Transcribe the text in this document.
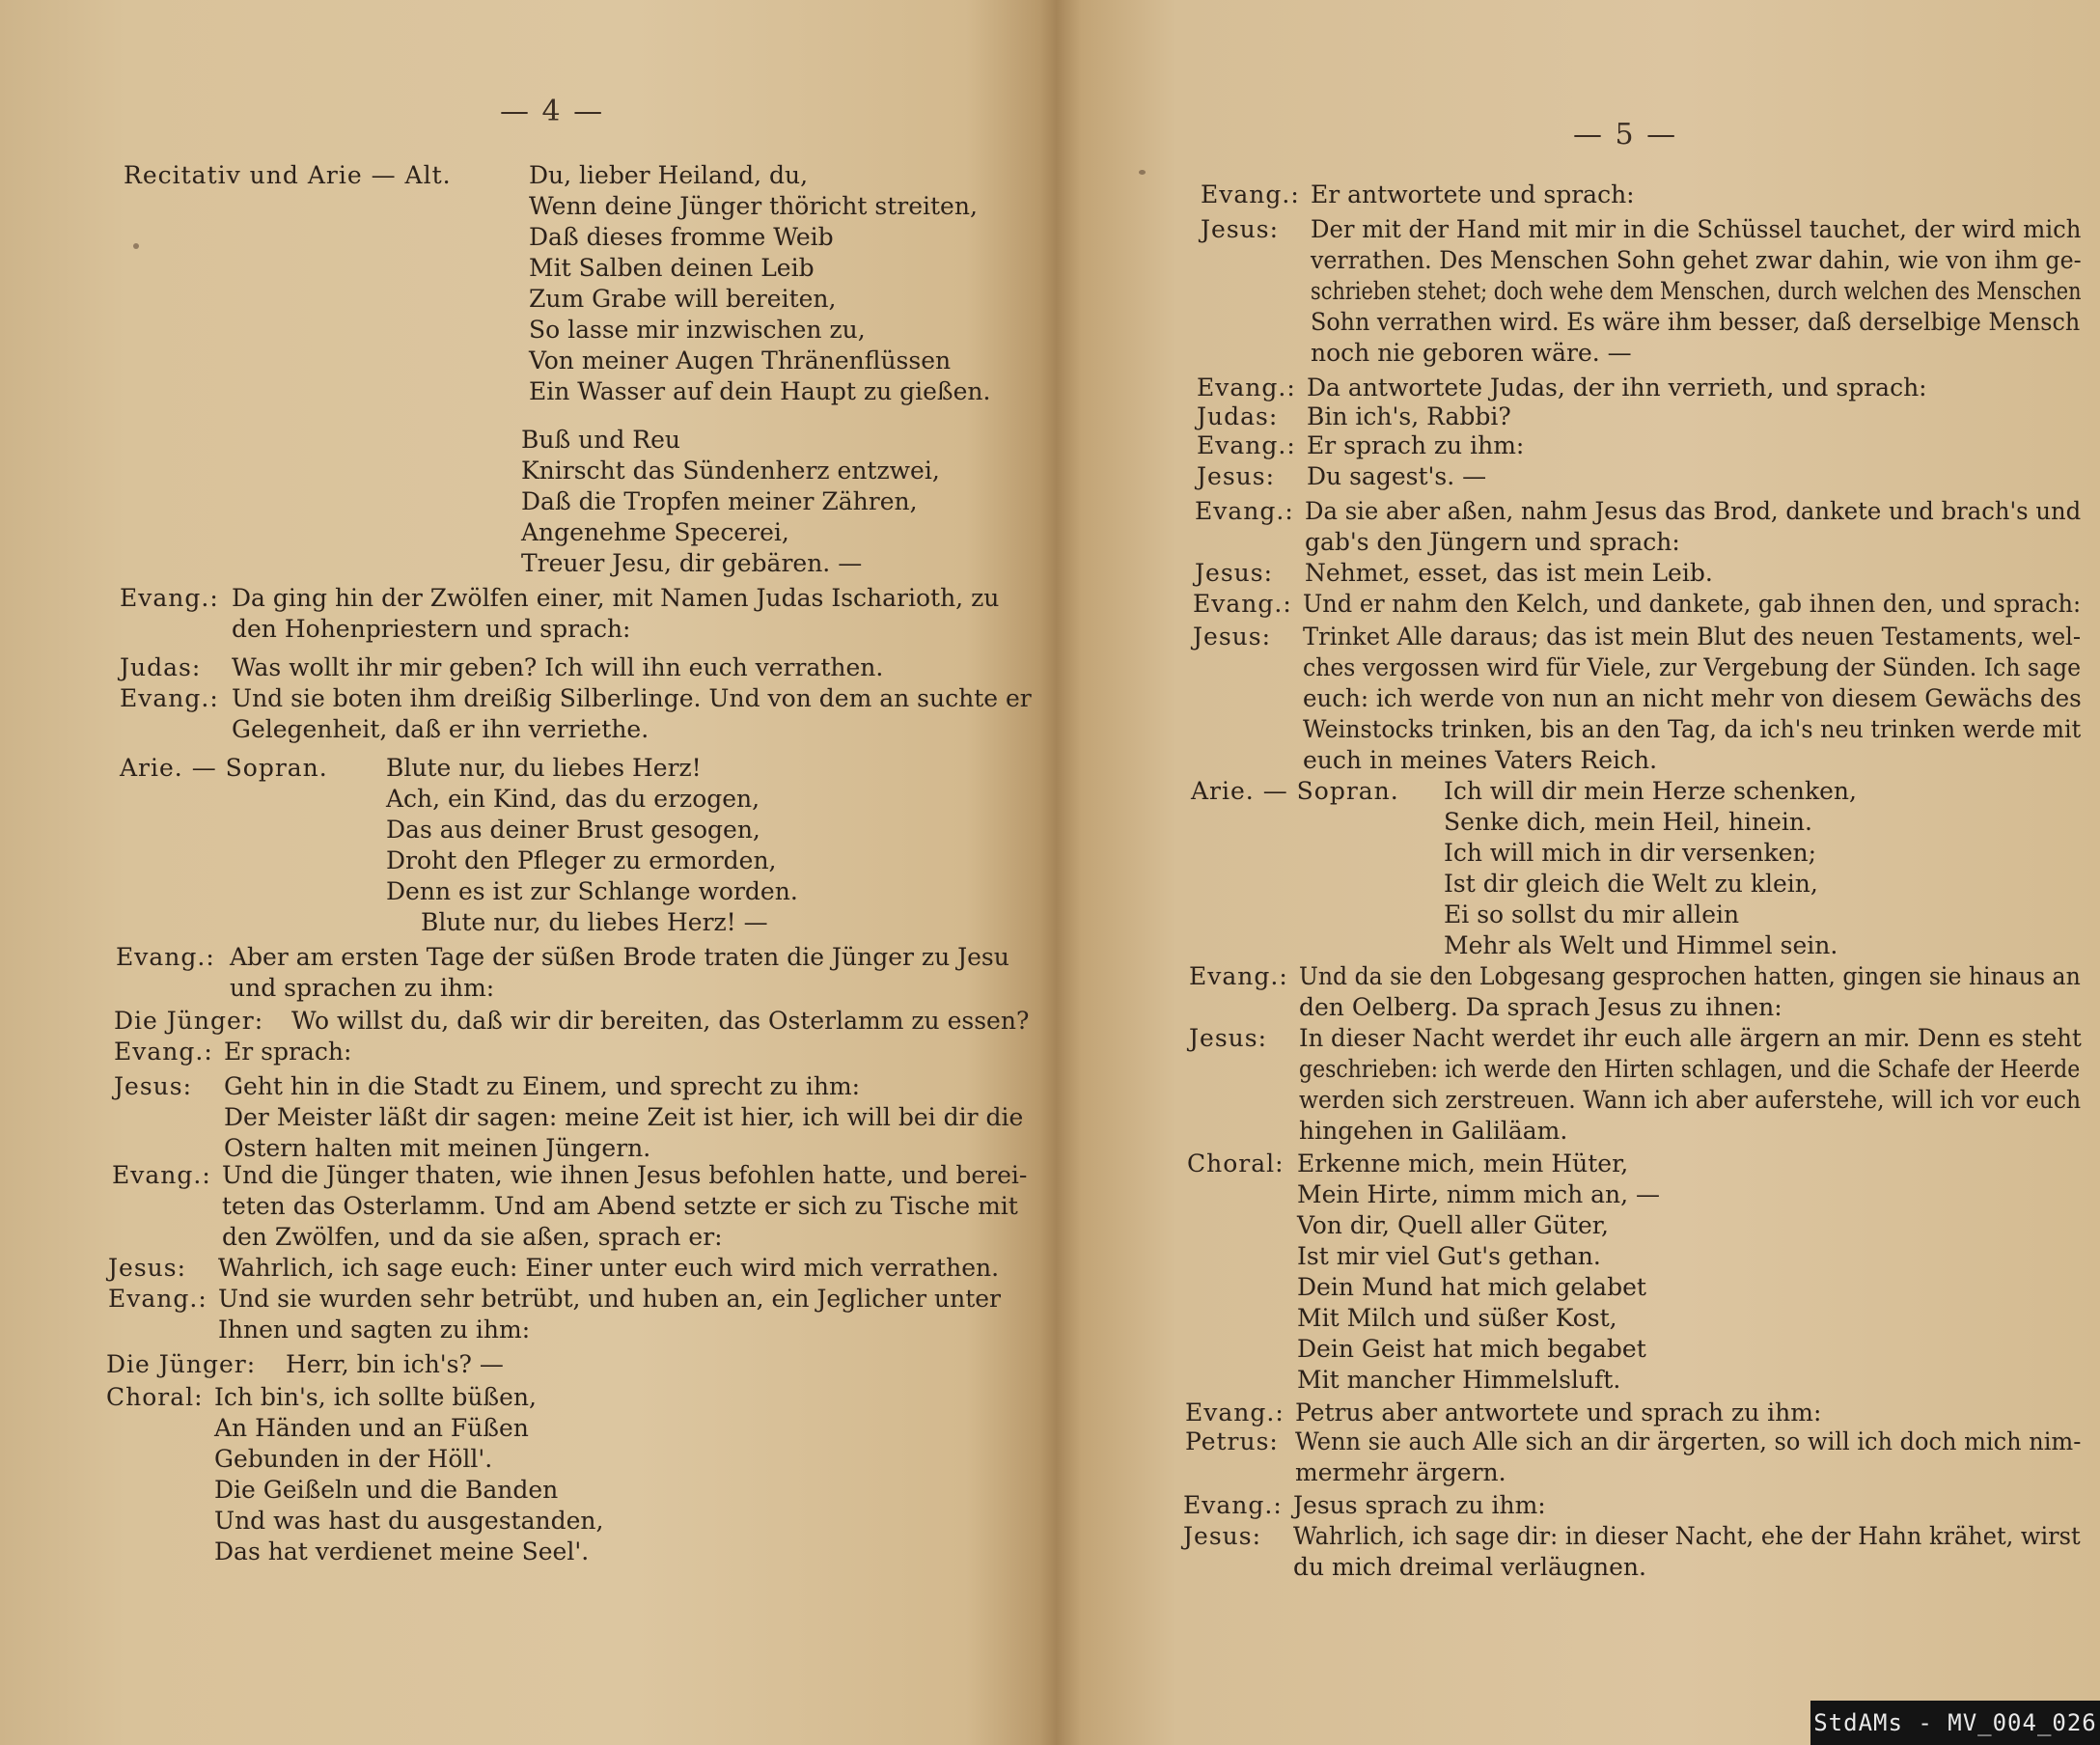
— 4 —
Recitativ und Arie — Alt.	Du, lieber Heiland, du,
Wenn deine Jünger thöricht streiten,
Daß dieses fromme Weib
Mit Salben deinen Leib
Zum Grabe will bereiten,
So lasse mir inzwischen zu,
Von meiner Augen Thränenflüssen
Ein Wasser auf dein Haupt zu gießen.
Buß und Reu
Knirscht das Sündenherz entzwei,
Daß die Tropfen meiner Zähren,
Angenehme Specerei,
Treuer Jesu, dir gebären. —
Evang.: Da ging hin der Zwölfen einer, mit Namen Judas Ischarioth, zu
den Hohenpriestern und sprach:
Judas: Was wollt ihr mir geben? Ich will ihn euch verrathen.
Evang.: Und sie boten ihm dreißig Silberlinge. Und von dem an suchte er
Gelegenheit, daß er ihn verriethe.
Arie. — Sopran. Blute nur, du liebes Herz!
Ach, ein Kind, das du erzogen,
Das aus deiner Brust gesogen,
Droht den Pfleger zu ermorden,
Denn es ist zur Schlange worden.
Blute nur, du liebes Herz! —
Evang.: Aber am ersten Tage der süßen Brode traten die Jünger zu Jesu
und sprachen zu ihm:
Die Jünger: Wo willst du, daß wir dir bereiten, das Osterlamm zu essen?
Evang.: Er sprach:
Jesus: Geht hin in die Stadt zu Einem, und sprecht zu ihm:
Der Meister läßt dir sagen: meine Zeit ist hier, ich will bei dir die
Ostern halten mit meinen Jüngern.
Evang.: Und die Jünger thaten, wie ihnen Jesus befohlen hatte, und berei-
teten das Osterlamm. Und am Abend setzte er sich zu Tische mit
den Zwölfen, und da sie aßen, sprach er:
Jesus: Wahrlich, ich sage euch: Einer unter euch wird mich verrathen.
Evang.: Und sie wurden sehr betrübt, und huben an, ein Jeglicher unter
Ihnen und sagten zu ihm:
Die Jünger: Herr, bin ich's? —
Choral: Ich bin's, ich sollte büßen,
An Händen und an Füßen
Gebunden in der Höll'.
Die Geißeln und die Banden
Und was hast du ausgestanden,
Das hat verdienet meine Seel'.
— 5 —
Evang.: Er antwortete und sprach:
Jesus: Der mit der Hand mit mir in die Schüssel tauchet, der wird mich
verrathen. Des Menschen Sohn gehet zwar dahin, wie von ihm ge-
schrieben stehet; doch wehe dem Menschen, durch welchen des Menschen
Sohn verrathen wird. Es wäre ihm besser, daß derselbige Mensch
noch nie geboren wäre. —
Evang.: Da antwortete Judas, der ihn verrieth, und sprach:
Judas: Bin ich's, Rabbi?
Evang.: Er sprach zu ihm:
Jesus: Du sagest's. —
Evang.: Da sie aber aßen, nahm Jesus das Brod, dankete und brach's und
gab's den Jüngern und sprach:
Jesus: Nehmet, esset, das ist mein Leib.
Evang.: Und er nahm den Kelch, und dankete, gab ihnen den, und sprach:
Jesus: Trinket Alle daraus; das ist mein Blut des neuen Testaments, wel-
ches vergossen wird für Viele, zur Vergebung der Sünden. Ich sage
euch: ich werde von nun an nicht mehr von diesem Gewächs des
Weinstocks trinken, bis an den Tag, da ich's neu trinken werde mit
euch in meines Vaters Reich.
Arie. — Sopran. Ich will dir mein Herze schenken,
Senke dich, mein Heil, hinein.
Ich will mich in dir versenken;
Ist dir gleich die Welt zu klein,
Ei so sollst du mir allein
Mehr als Welt und Himmel sein.
Evang.: Und da sie den Lobgesang gesprochen hatten, gingen sie hinaus an
den Oelberg. Da sprach Jesus zu ihnen:
Jesus: In dieser Nacht werdet ihr euch alle ärgern an mir. Denn es steht
geschrieben: ich werde den Hirten schlagen, und die Schafe der Heerde
werden sich zerstreuen. Wann ich aber auferstehe, will ich vor euch
hingehen in Galiläam.
Choral: Erkenne mich, mein Hüter,
Mein Hirte, nimm mich an, —
Von dir, Quell aller Güter,
Ist mir viel Gut's gethan.
Dein Mund hat mich gelabet
Mit Milch und süßer Kost,
Dein Geist hat mich begabet
Mit mancher Himmelsluft.
Evang.: Petrus aber antwortete und sprach zu ihm:
Petrus: Wenn sie auch Alle sich an dir ärgerten, so will ich doch mich nim-
mermehr ärgern.
Evang.: Jesus sprach zu ihm:
Jesus: Wahrlich, ich sage dir: in dieser Nacht, ehe der Hahn krähet, wirst
du mich dreimal verläugnen.
StdAMs - MV_004_026
